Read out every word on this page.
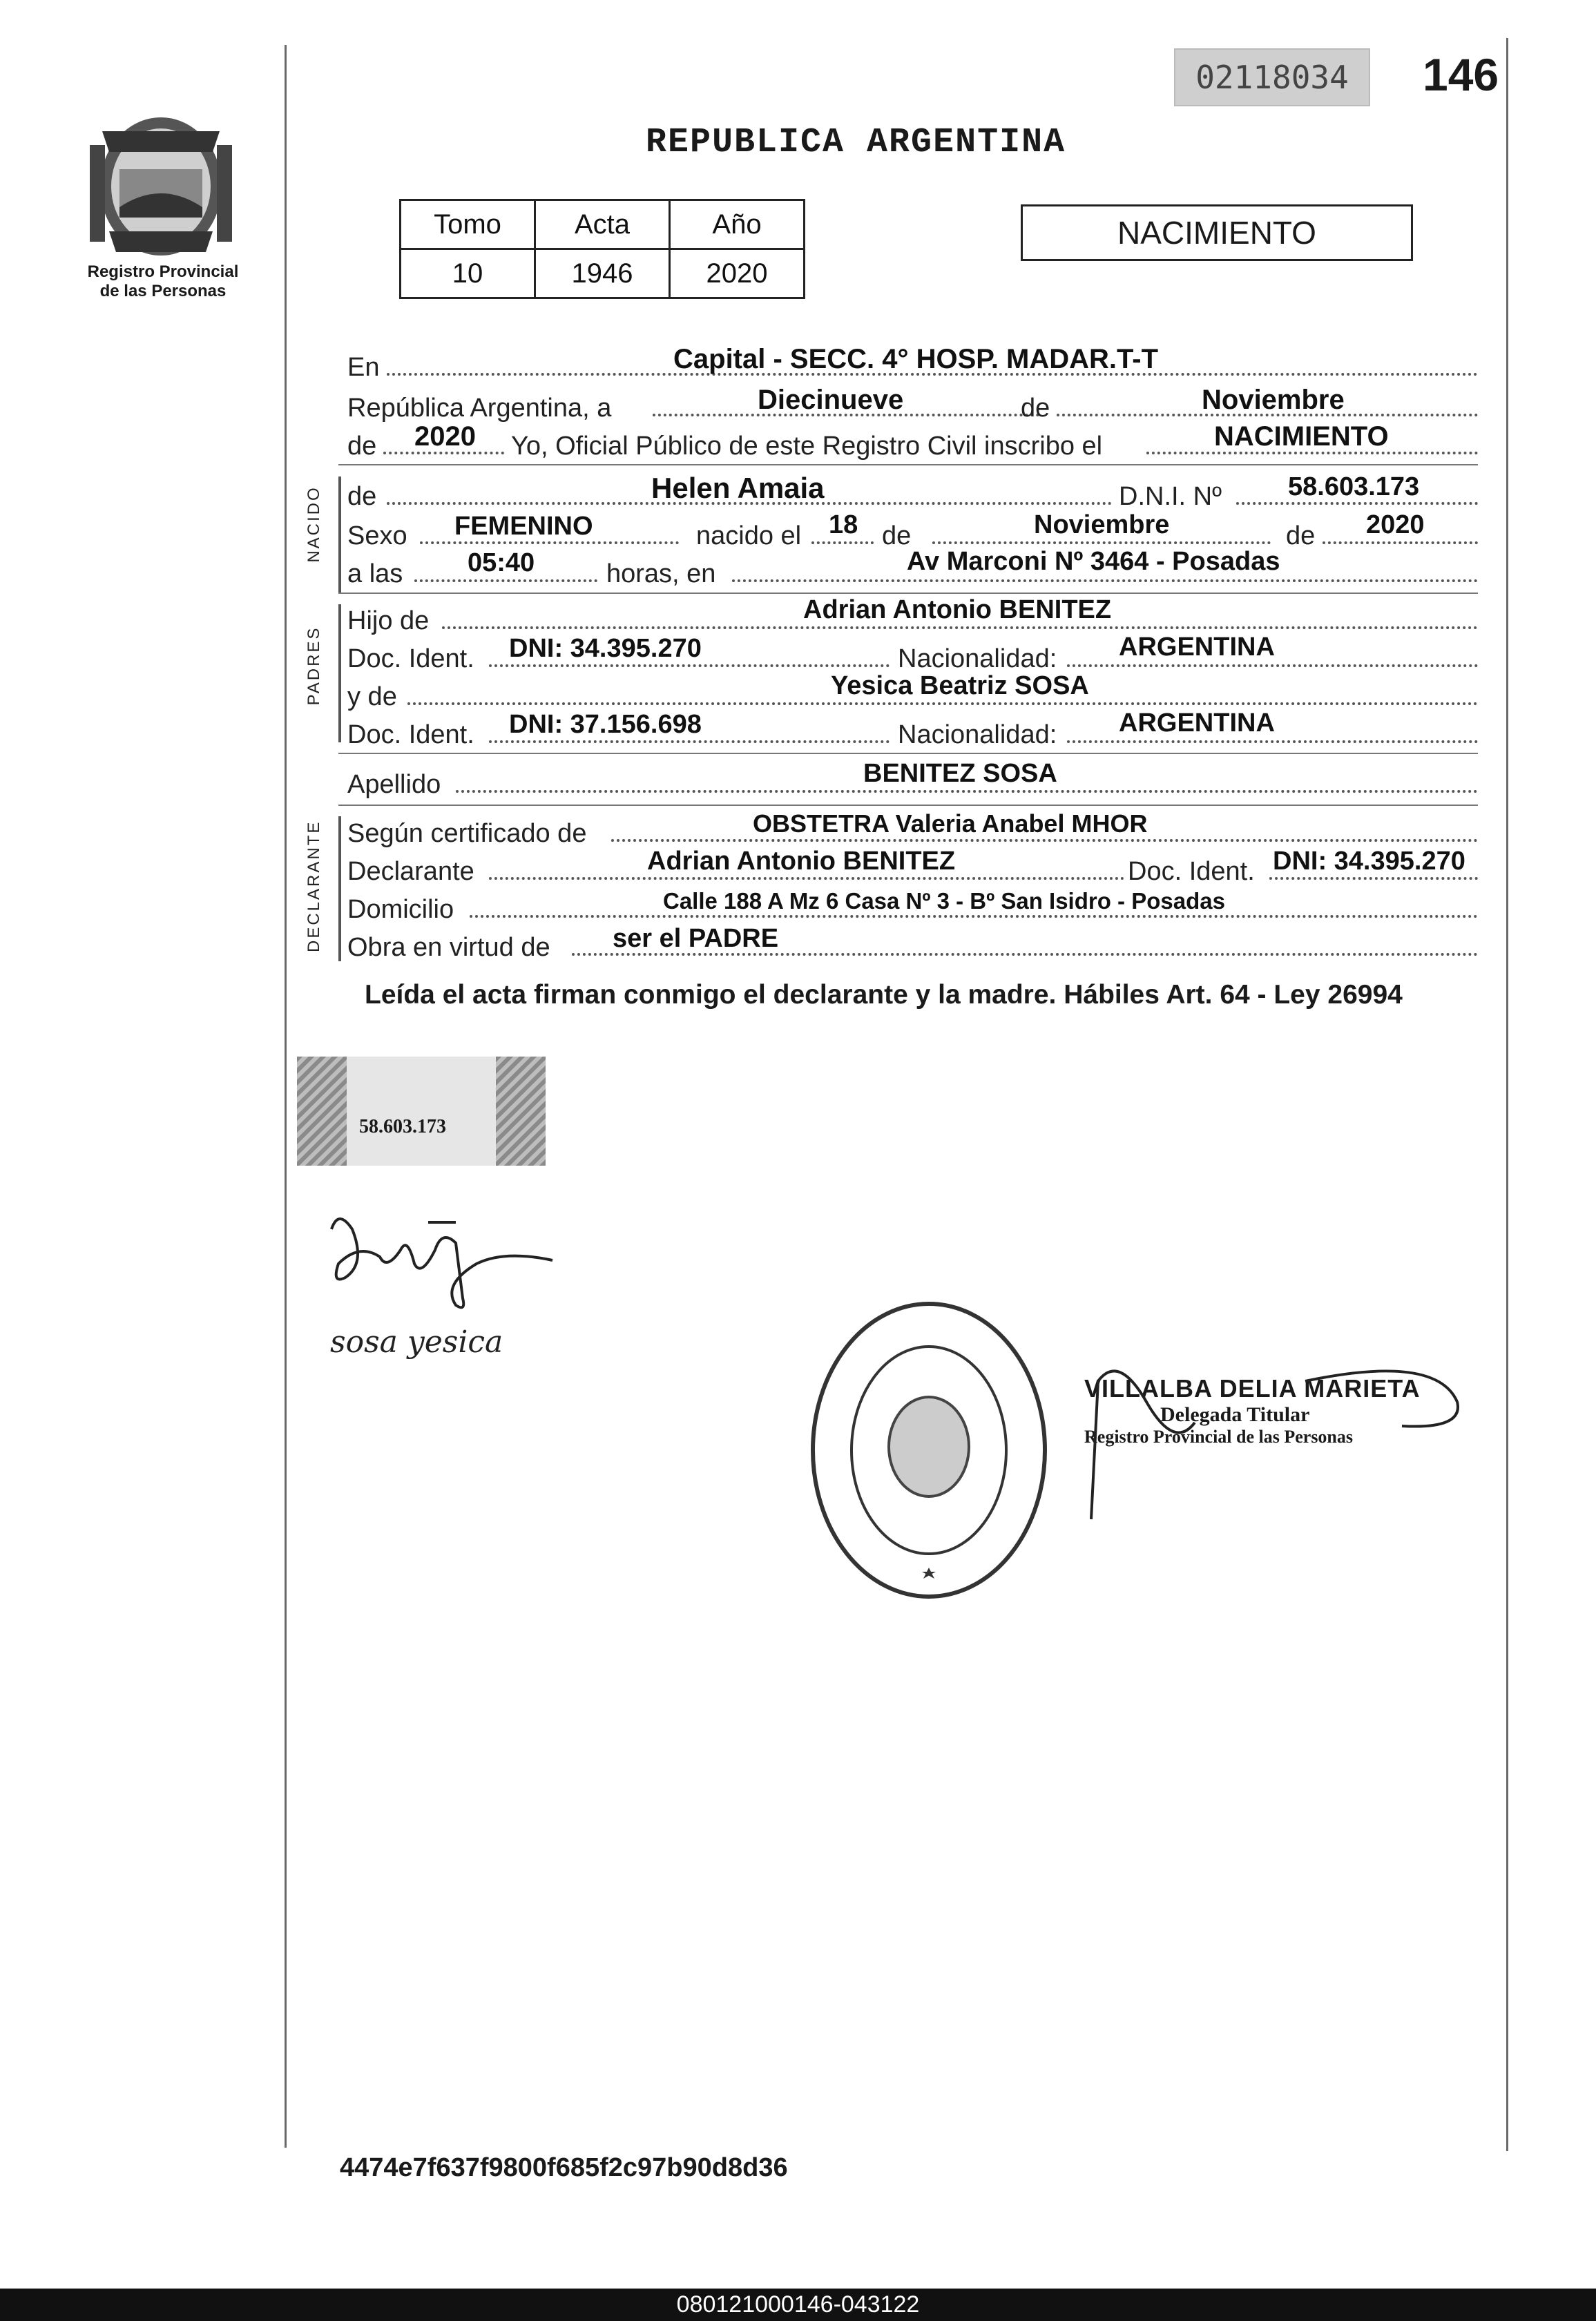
Registro Provincial
de las Personas
02118034	146
REPUBLICA ARGENTINA
Tomo	Acta	Año
10	1946	2020
NACIMIENTO
En	Capital - SECC. 4° HOSP. MADAR.T-T
República Argentina, a	Diecinueve	de	Noviembre
de 2020 Yo, Oficial Público de este Registro Civil inscribo el	NACIMIENTO
NACIDO de	Helen Amaia	D.N.I. Nº	58.603.173
Sexo FEMENINO	nacido el 18 de	Noviembre	de 2020
a las 05:40	horas, en	Av Marconi Nº 3464 - Posadas
PADRES
Hijo de	Adrian Antonio BENITEZ
Doc. Ident. DNI: 34.395.270	Nacionalidad: ARGENTINA
y de	Yesica Beatriz SOSA
Doc. Ident. DNI: 37.156.698	Nacionalidad: ARGENTINA
Apellido	BENITEZ SOSA
DECLARANTE Según certificado de	OBSTETRA Valeria Anabel MHOR
Declarante	Adrian Antonio BENITEZ	Doc. Ident. DNI: 34.395.270
Domicilio	Calle 188 A Mz 6 Casa Nº 3 - Bº San Isidro - Posadas
Obra en virtud de ser el PADRE
Leída el acta firman conmigo el declarante y la madre. Hábiles Art. 64 - Ley 26994
58.603.173
sosa yesica
VILLALBA DELIA MARIETA
Delegada Titular
Registro Provincial de las Personas
4474e7f637f9800f685f2c97b90d8d36
080121000146-043122
